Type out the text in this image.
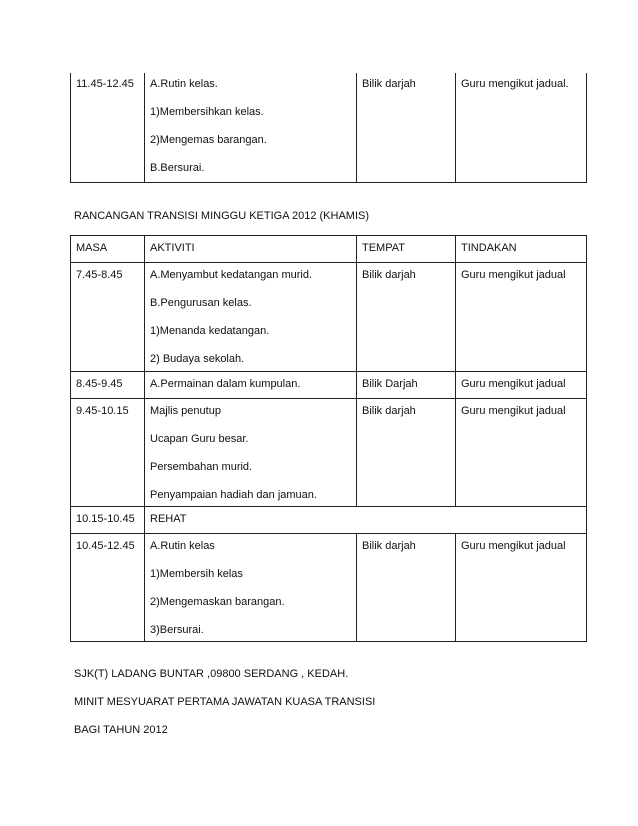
11.45-12.45	A.Rutin kelas.
1)Membersihkan kelas.
2)Mengemas barangan.
B.Bersurai.
	Bilik darjah	Guru mengikut jadual.
RANCANGAN TRANSISI MINGGU KETIGA 2012 (KHAMIS)
MASA	AKTIVITI	TEMPAT	TINDAKAN
7.45-8.45	A.Menyambut kedatangan murid.
B.Pengurusan kelas.
1)Menanda kedatangan.
2) Budaya sekolah.	Bilik darjah	Guru mengikut jadual
8.45-9.45	A.Permainan dalam kumpulan.	Bilik Darjah	Guru mengikut jadual
9.45-10.15	Majlis penutup
Ucapan Guru besar.
Persembahan murid.
Penyampaian hadiah dan jamuan.	Bilik darjah	Guru mengikut jadual
10.15-10.45	REHAT		

10.45-12.45	A.Rutin kelas
1)Membersih kelas
2)Mengemaskan barangan.
3)Bersurai.	Bilik darjah	Guru mengikut jadual
SJK(T) LADANG BUNTAR ,09800 SERDANG , KEDAH.
MINIT MESYUARAT PERTAMA JAWATAN KUASA TRANSISI
BAGI TAHUN 2012
